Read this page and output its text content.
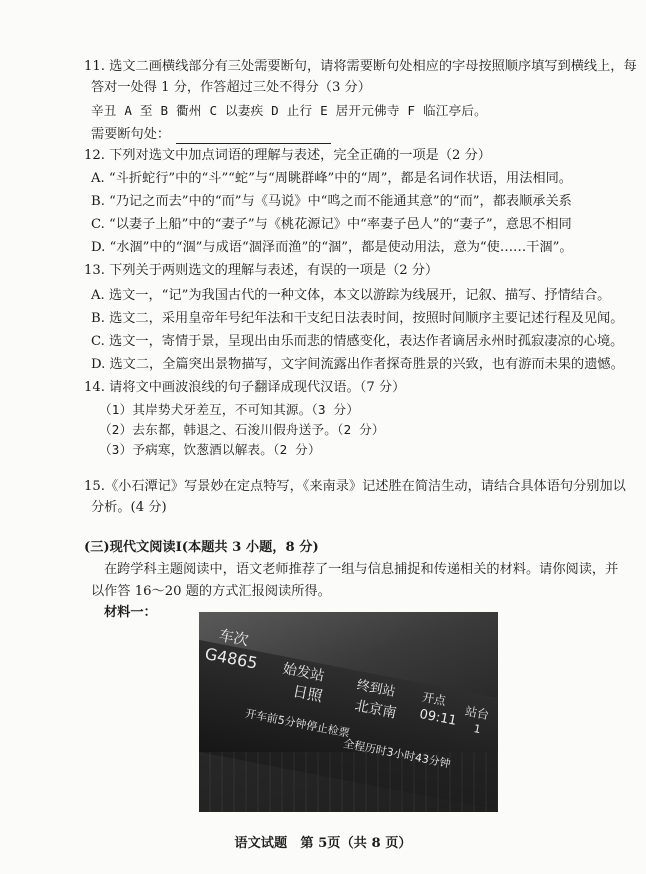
11. 选文二画横线部分有三处需要断句，请将需要断句处相应的字母按照顺序填写到横线上，每
答对一处得 1 分，作答超过三处不得分（3 分）
辛丑 A 至 B 衢州 C 以妻疾 D 止行 E 居开元佛寺 F 临江亭后。
需要断句处：
12. 下列对选文中加点词语的理解与表述，完全正确的一项是（2 分）
A. “斗折蛇行”中的“斗”“蛇”与“周眺群峰”中的“周”，都是名词作状语，用法相同。
B. “乃记之而去”中的“而”与《马说》中“鸣之而不能通其意”的“而”，都表顺承关系
C. “以妻子上船”中的“妻子”与《桃花源记》中“率妻子邑人”的“妻子”，意思不相同
D. “水涸”中的“涸”与成语“涸泽而渔”的“涸”，都是使动用法，意为“使……干涸”。
13. 下列关于两则选文的理解与表述，有误的一项是（2 分）
A. 选文一，“记”为我国古代的一种文体，本文以游踪为线展开，记叙、描写、抒情结合。
B. 选文二，采用皇帝年号纪年法和干支纪日法表时间，按照时间顺序主要记述行程及见闻。
C. 选文一，寄情于景，呈现出由乐而悲的情感变化，表达作者谪居永州时孤寂凄凉的心境。
D. 选文二，全篇突出景物描写，文字间流露出作者探奇胜景的兴致，也有游而未果的遗憾。
14. 请将文中画波浪线的句子翻译成现代汉语。（7 分）
（1）其岸势犬牙差互，不可知其源。（3 分）
（2）去东都，韩退之、石浚川假舟送予。（2 分）
（3）予病寒，饮葱酒以解表。（2 分）
15.《小石潭记》写景妙在定点特写，《来南录》记述胜在简洁生动，请结合具体语句分别加以
分析。(4 分)
(三)现代文阅读Ⅰ(本题共 3 小题，8 分)
在跨学科主题阅读中，语文老师推荐了一组与信息捕捉和传递相关的材料。请你阅读，并
以作答 16～20 题的方式汇报阅读所得。
材料一：
车次
G4865
始发站
日照 终到站
北京南 开点
09:11 站台
1
开车前5分钟停止检票
全程历时3小时43分钟
语文试题　第 5页（共 8 页）
